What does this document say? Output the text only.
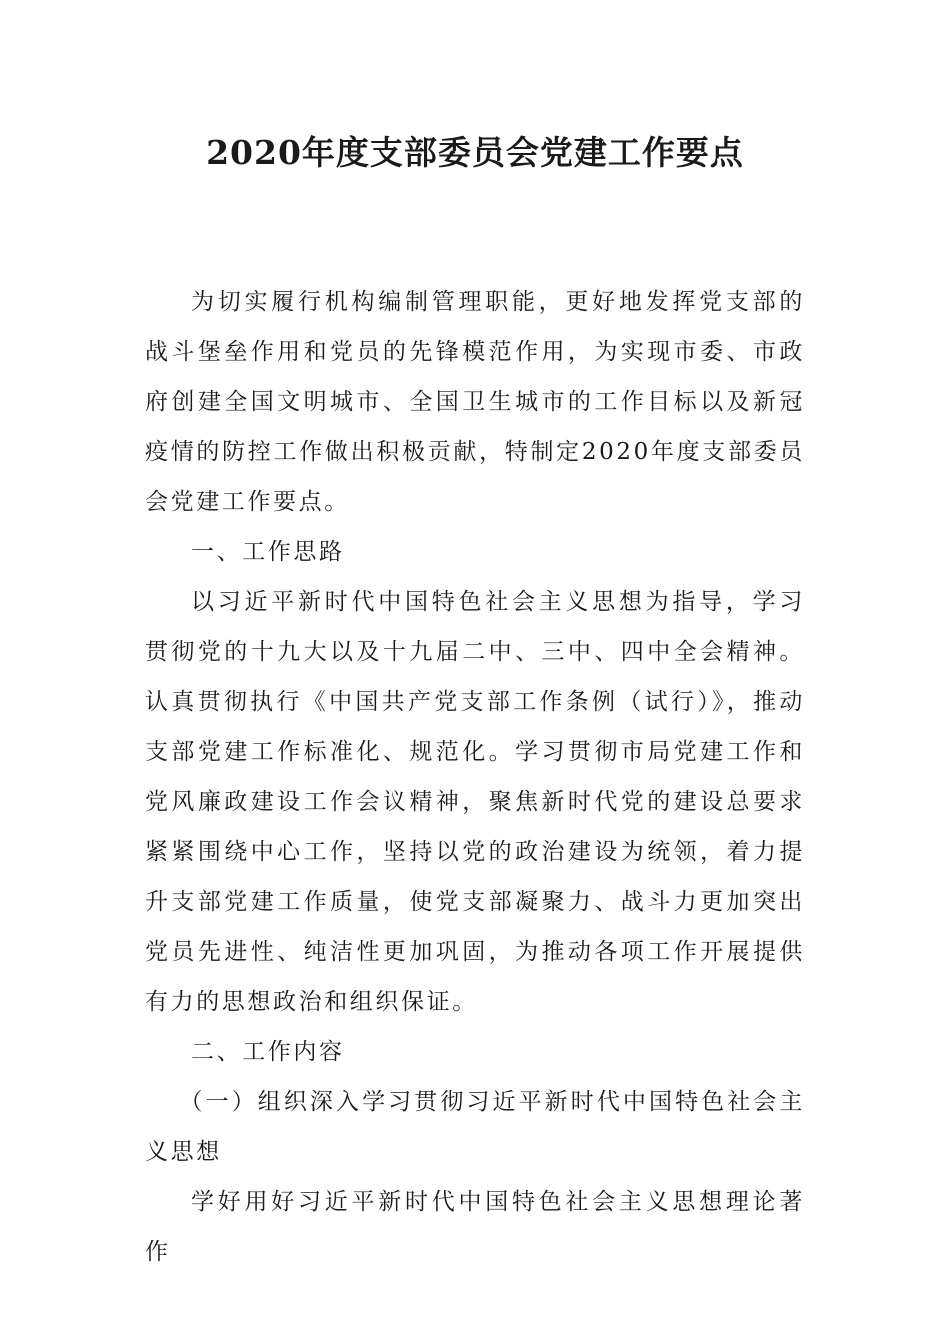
2020年度支部委员会党建工作要点

为切实履行机构编制管理职能，更好地发挥党支部的战斗堡垒作用和党员的先锋模范作用，为实现市委、市政府创建全国文明城市、全国卫生城市的工作目标以及新冠疫情的防控工作做出积极贡献，特制定2020年度支部委员会党建工作要点。

一、工作思路

以习近平新时代中国特色社会主义思想为指导，学习贯彻党的十九大以及十九届二中、三中、四中全会精神。认真贯彻执行《中国共产党支部工作条例（试行）》，推动支部党建工作标准化、规范化。学习贯彻市局党建工作和党风廉政建设工作会议精神，聚焦新时代党的建设总要求紧紧围绕中心工作，坚持以党的政治建设为统领，着力提升支部党建工作质量，使党支部凝聚力、战斗力更加突出党员先进性、纯洁性更加巩固，为推动各项工作开展提供有力的思想政治和组织保证。

二、工作内容

（一）组织深入学习贯彻习近平新时代中国特色社会主义思想

学好用好习近平新时代中国特色社会主义思想理论著作
